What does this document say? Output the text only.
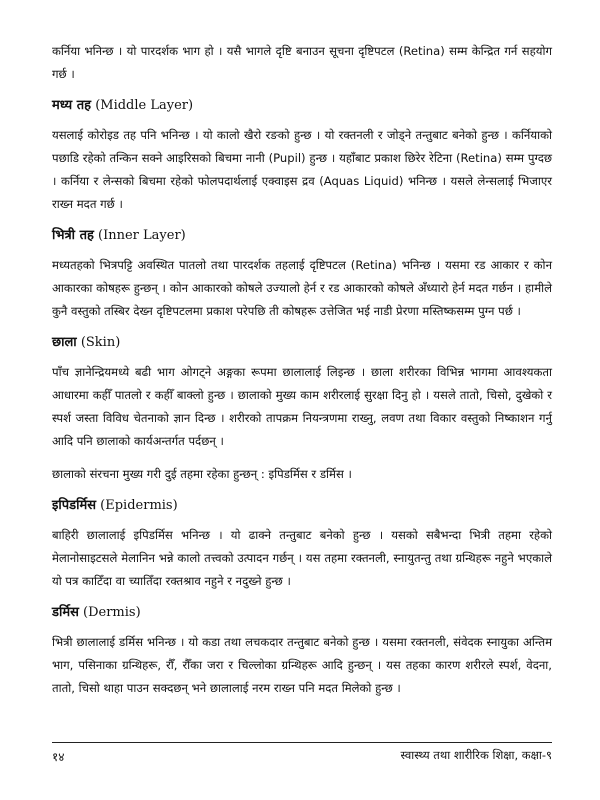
कर्निया भनिन्छ । यो पारदर्शक भाग हो । यसै भागले दृष्टि बनाउन सूचना दृष्टिपटल (Retina) सम्म केन्द्रित गर्न सहयोग गर्छ ।

मध्य तह (Middle Layer)

यसलाई कोरोइड तह पनि भनिन्छ । यो कालो खैरो रङको हुन्छ । यो रक्तनली र जोड्ने तन्तुबाट बनेको हुन्छ । कर्नियाको पछाडि रहेको तन्किन सक्ने आइरिसको बिचमा नानी (Pupil) हुन्छ । यहाँबाट प्रकाश छिरेर रेटिना (Retina) सम्म पुग्दछ । कर्निया र लेन्सको बिचमा रहेको फोलपदार्थलाई एक्वाइस द्रव (Aquas Liquid) भनिन्छ । यसले लेन्सलाई भिजाएर राख्न मदत गर्छ ।

भित्री तह (Inner Layer)

मध्यतहको भित्रपट्टि अवस्थित पातलो तथा पारदर्शक तहलाई दृष्टिपटल (Retina) भनिन्छ । यसमा रड आकार र कोन आकारका कोषहरू हुन्छन् । कोन आकारको कोषले उज्यालो हेर्न र रड आकारको कोषले अँध्यारो हेर्न मदत गर्छन । हामीले कुनै वस्तुको तस्बिर देख्न दृष्टिपटलमा प्रकाश परेपछि ती कोषहरू उत्तेजित भई नाडी प्रेरणा मस्तिष्कसम्म पुग्न पर्छ ।

छाला (Skin)

पाँच ज्ञानेन्द्रियमध्ये बढी भाग ओगट्ने अङ्गका रूपमा छालालाई लिइन्छ । छाला शरीरका विभिन्न भागमा आवश्यकता आधारमा कहीँ पातलो र कहीँ बाक्लो हुन्छ । छालाको मुख्य काम शरीरलाई सुरक्षा दिनु हो । यसले तातो, चिसो, दुखेको र स्पर्श जस्ता विविध चेतनाको ज्ञान दिन्छ । शरीरको तापक्रम नियन्त्रणमा राख्नु, लवण तथा विकार वस्तुको निष्काशन गर्नु आदि पनि छालाको कार्यअन्तर्गत पर्दछन् ।

छालाको संरचना मुख्य गरी दुई तहमा रहेका हुन्छन् : इपिडर्मिस र डर्मिस ।

इपिडर्मिस (Epidermis)

बाहिरी छालालाई इपिडर्मिस भनिन्छ । यो ढाक्ने तन्तुबाट बनेको हुन्छ । यसको सबैभन्दा भित्री तहमा रहेको मेलानोसाइटसले मेलानिन भन्ने कालो तत्त्वको उत्पादन गर्छन् । यस तहमा रक्तनली, स्नायुतन्तु तथा ग्रन्थिहरू नहुने भएकाले यो पत्र काटिँदा वा च्यातिँदा रक्तश्राव नहुने र नदुख्ने हुन्छ ।

डर्मिस (Dermis)

भित्री छालालाई डर्मिस भनिन्छ । यो कडा तथा लचकदार तन्तुबाट बनेको हुन्छ । यसमा रक्तनली, संवेदक स्नायुका अन्तिम भाग, पसिनाका ग्रन्थिहरू, रौँ, रौँका जरा र चिल्लोका ग्रन्थिहरू आदि हुन्छन् । यस तहका कारण शरीरले स्पर्श, वेदना, तातो, चिसो थाहा पाउन सक्दछन् भने छालालाई नरम राख्न पनि मदत मिलेको हुन्छ ।

१४	स्वास्थ्य तथा शारीरिक शिक्षा, कक्षा-९
